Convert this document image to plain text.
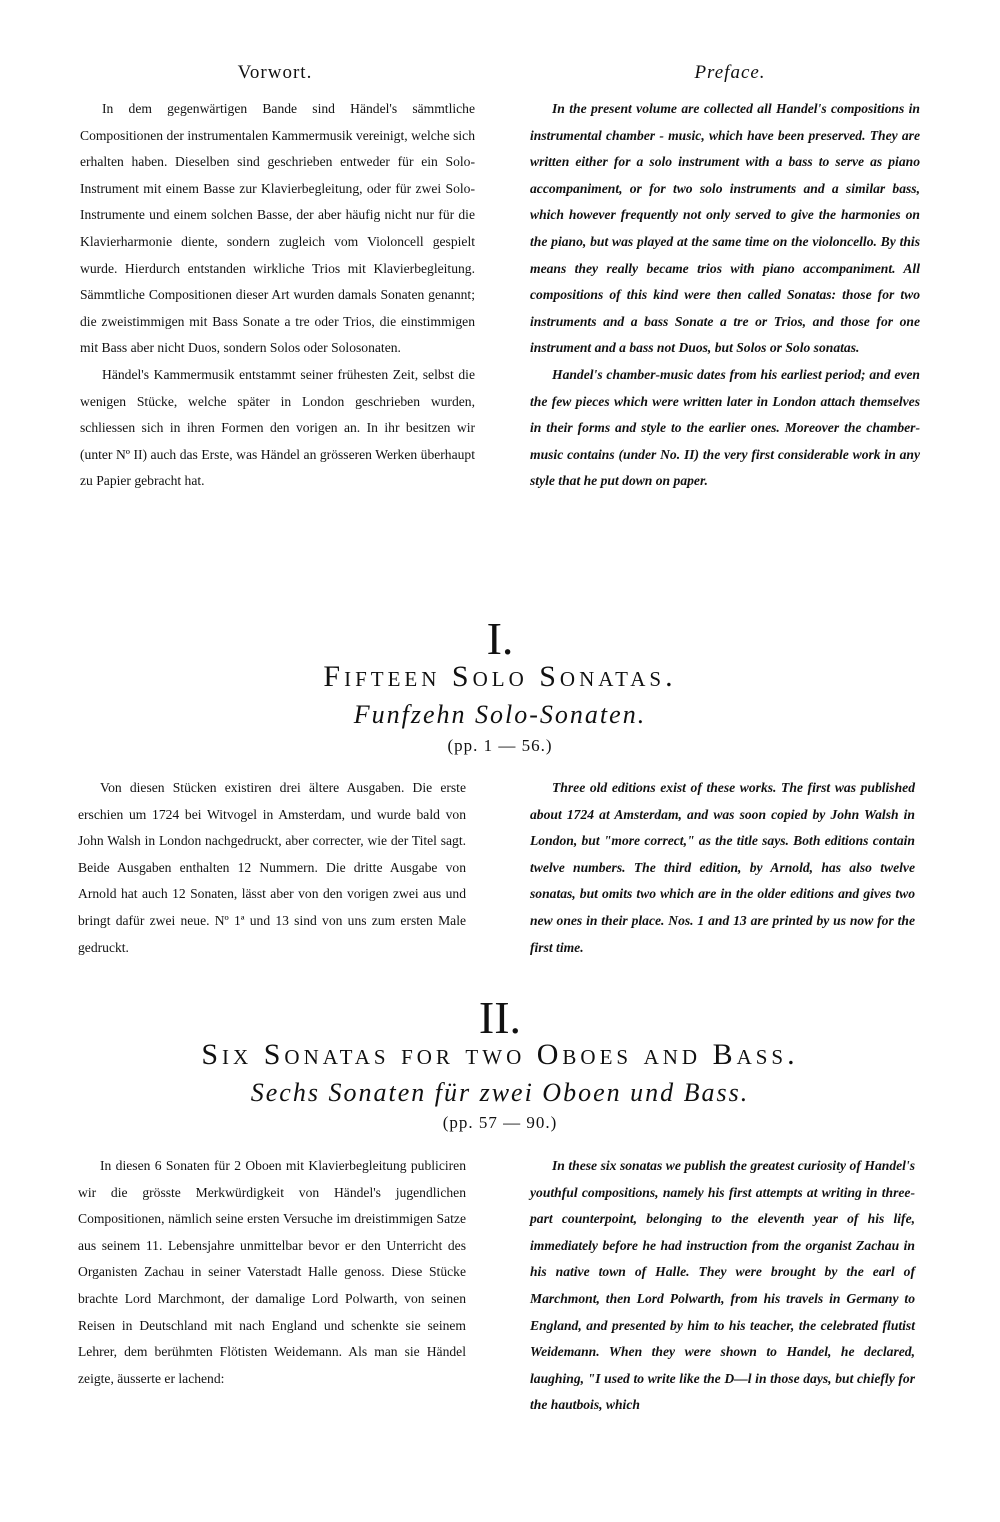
Vorwort.	Preface.

In dem gegenwärtigen Bande sind Händel's sämmtliche Compositionen der instrumentalen Kammermusik vereinigt, welche sich erhalten haben. Dieselben sind geschrieben entweder für ein Solo-Instrument mit einem Basse zur Klavierbegleitung, oder für zwei Solo-Instrumente und einem solchen Basse, der aber häufig nicht nur für die Klavierharmonie diente, sondern zugleich vom Violoncell gespielt wurde. Hierdurch entstanden wirkliche Trios mit Klavierbegleitung. Sämmtliche Compositionen dieser Art wurden damals Sonaten genannt; die zweistimmigen mit Bass Sonate a tre oder Trios, die einstimmigen mit Bass aber nicht Duos, sondern Solos oder Solosonaten.

Händel's Kammermusik entstammt seiner frühesten Zeit, selbst die wenigen Stücke, welche später in London geschrieben wurden, schliessen sich in ihren Formen den vorigen an. In ihr besitzen wir (unter Nº II) auch das Erste, was Händel an grösseren Werken überhaupt zu Papier gebracht hat.

In the present volume are collected all Handel's compositions in instrumental chamber - music, which have been preserved. They are written either for a solo instrument with a bass to serve as piano accompaniment, or for two solo instruments and a similar bass, which however frequently not only served to give the harmonies on the piano, but was played at the same time on the violoncello. By this means they really became trios with piano accompaniment. All compositions of this kind were then called Sonatas: those for two instruments and a bass Sonate a tre or Trios, and those for one instrument and a bass not Duos, but Solos or Solo sonatas.

Handel's chamber-music dates from his earliest period; and even the few pieces which were written later in London attach themselves in their forms and style to the earlier ones. Moreover the chamber-music contains (under No. II) the very first considerable work in any style that he put down on paper.

I.
Fifteen Solo Sonatas.
Funfzehn Solo-Sonaten.
(pp. 1 — 56.)

Von diesen Stücken existiren drei ältere Ausgaben. Die erste erschien um 1724 bei Witvogel in Amsterdam, und wurde bald von John Walsh in London nachgedruckt, aber correcter, wie der Titel sagt. Beide Ausgaben enthalten 12 Nummern. Die dritte Ausgabe von Arnold hat auch 12 Sonaten, lässt aber von den vorigen zwei aus und bringt dafür zwei neue. Nº 1ª und 13 sind von uns zum ersten Male gedruckt.

Three old editions exist of these works. The first was published about 1724 at Amsterdam, and was soon copied by John Walsh in London, but "more correct," as the title says. Both editions contain twelve numbers. The third edition, by Arnold, has also twelve sonatas, but omits two which are in the older editions and gives two new ones in their place. Nos. 1 and 13 are printed by us now for the first time.

II.
Six Sonatas for two Oboes and Bass.
Sechs Sonaten für zwei Oboen und Bass.
(pp. 57 — 90.)

In diesen 6 Sonaten für 2 Oboen mit Klavierbegleitung publiciren wir die grösste Merkwürdigkeit von Händel's jugendlichen Compositionen, nämlich seine ersten Versuche im dreistimmigen Satze aus seinem 11. Lebensjahre unmittelbar bevor er den Unterricht des Organisten Zachau in seiner Vaterstadt Halle genoss. Diese Stücke brachte Lord Marchmont, der damalige Lord Polwarth, von seinen Reisen in Deutschland mit nach England und schenkte sie seinem Lehrer, dem berühmten Flötisten Weidemann. Als man sie Händel zeigte, äusserte er lachend:

In these six sonatas we publish the greatest curiosity of Handel's youthful compositions, namely his first attempts at writing in three-part counterpoint, belonging to the eleventh year of his life, immediately before he had instruction from the organist Zachau in his native town of Halle. They were brought by the earl of Marchmont, then Lord Polwarth, from his travels in Germany to England, and presented by him to his teacher, the celebrated flutist Weidemann. When they were shown to Handel, he declared, laughing, "I used to write like the D—l in those days, but chiefly for the hautbois, which
